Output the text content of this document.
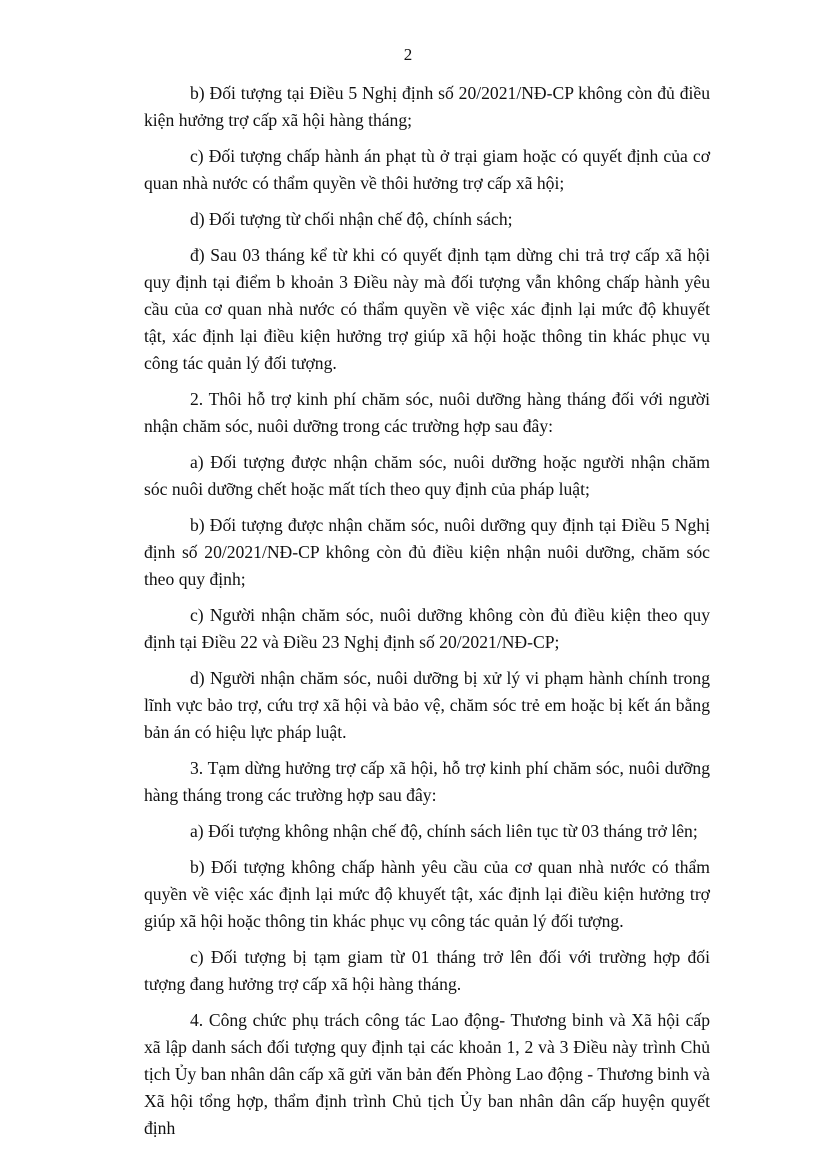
2

b) Đối tượng tại Điều 5 Nghị định số 20/2021/NĐ-CP không còn đủ điều kiện hưởng trợ cấp xã hội hàng tháng;

c) Đối tượng chấp hành án phạt tù ở trại giam hoặc có quyết định của cơ quan nhà nước có thẩm quyền về thôi hưởng trợ cấp xã hội;

d) Đối tượng từ chối nhận chế độ, chính sách;

đ) Sau 03 tháng kể từ khi có quyết định tạm dừng chi trả trợ cấp xã hội quy định tại điểm b khoản 3 Điều này mà đối tượng vẫn không chấp hành yêu cầu của cơ quan nhà nước có thẩm quyền về việc xác định lại mức độ khuyết tật, xác định lại điều kiện hưởng trợ giúp xã hội hoặc thông tin khác phục vụ công tác quản lý đối tượng.

2. Thôi hỗ trợ kinh phí chăm sóc, nuôi dưỡng hàng tháng đối với người nhận chăm sóc, nuôi dưỡng trong các trường hợp sau đây:

a) Đối tượng được nhận chăm sóc, nuôi dưỡng hoặc người nhận chăm sóc nuôi dưỡng chết hoặc mất tích theo quy định của pháp luật;

b) Đối tượng được nhận chăm sóc, nuôi dưỡng quy định tại Điều 5 Nghị định số 20/2021/NĐ-CP không còn đủ điều kiện nhận nuôi dưỡng, chăm sóc theo quy định;

c) Người nhận chăm sóc, nuôi dưỡng không còn đủ điều kiện theo quy định tại Điều 22 và Điều 23 Nghị định số 20/2021/NĐ-CP;

d) Người nhận chăm sóc, nuôi dưỡng bị xử lý vi phạm hành chính trong lĩnh vực bảo trợ, cứu trợ xã hội và bảo vệ, chăm sóc trẻ em hoặc bị kết án bằng bản án có hiệu lực pháp luật.

3. Tạm dừng hưởng trợ cấp xã hội, hỗ trợ kinh phí chăm sóc, nuôi dưỡng hàng tháng trong các trường hợp sau đây:

a) Đối tượng không nhận chế độ, chính sách liên tục từ 03 tháng trở lên;

b) Đối tượng không chấp hành yêu cầu của cơ quan nhà nước có thẩm quyền về việc xác định lại mức độ khuyết tật, xác định lại điều kiện hưởng trợ giúp xã hội hoặc thông tin khác phục vụ công tác quản lý đối tượng.

c) Đối tượng bị tạm giam từ 01 tháng trở lên đối với trường hợp đối tượng đang hưởng trợ cấp xã hội hàng tháng.

4. Công chức phụ trách công tác Lao động- Thương binh và Xã hội cấp xã lập danh sách đối tượng quy định tại các khoản 1, 2 và 3 Điều này trình Chủ tịch Ủy ban nhân dân cấp xã gửi văn bản đến Phòng Lao động - Thương binh và Xã hội tổng hợp, thẩm định trình Chủ tịch Ủy ban nhân dân cấp huyện quyết định
